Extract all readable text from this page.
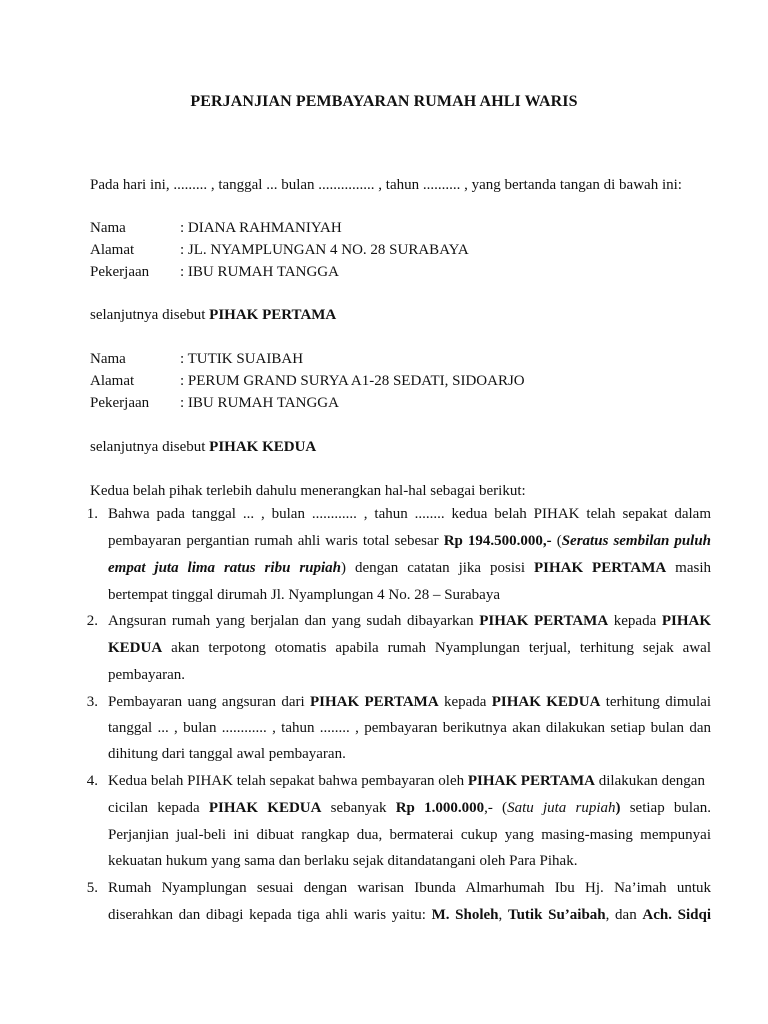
PERJANJIAN PEMBAYARAN RUMAH AHLI WARIS
Pada hari ini, ......... , tanggal ... bulan ............... , tahun .......... , yang bertanda tangan di bawah ini:
Nama	: DIANA RAHMANIYAH
Alamat	: JL. NYAMPLUNGAN 4 NO. 28 SURABAYA
Pekerjaan : IBU RUMAH TANGGA
selanjutnya disebut PIHAK PERTAMA
Nama	: TUTIK SUAIBAH
Alamat	: PERUM GRAND SURYA A1-28 SEDATI, SIDOARJO
Pekerjaan : IBU RUMAH TANGGA
selanjutnya disebut PIHAK KEDUA
Kedua belah pihak terlebih dahulu menerangkan hal-hal sebagai berikut:
1. Bahwa pada tanggal ... , bulan ............ , tahun ........ kedua belah PIHAK telah sepakat dalam
pembayaran pergantian rumah ahli waris total sebesar Rp 194.500.000,- (Seratus sembilan puluh
empat juta lima ratus ribu rupiah) dengan catatan jika posisi PIHAK PERTAMA masih
bertempat tinggal dirumah Jl. Nyamplungan 4 No. 28 – Surabaya
2. Angsuran rumah yang berjalan dan yang sudah dibayarkan PIHAK PERTAMA kepada PIHAK
KEDUA akan terpotong otomatis apabila rumah Nyamplungan terjual, terhitung sejak awal
pembayaran.
3. Pembayaran uang angsuran dari PIHAK PERTAMA kepada PIHAK KEDUA terhitung dimulai
tanggal ... , bulan ............ , tahun ........ , pembayaran berikutnya akan dilakukan setiap bulan dan
dihitung dari tanggal awal pembayaran.
4. Kedua belah PIHAK telah sepakat bahwa pembayaran oleh PIHAK PERTAMA dilakukan dengan
cicilan kepada PIHAK KEDUA sebanyak Rp 1.000.000,- (Satu juta rupiah) setiap bulan.
Perjanjian jual-beli ini dibuat rangkap dua, bermaterai cukup yang masing-masing mempunyai
kekuatan hukum yang sama dan berlaku sejak ditandatangani oleh Para Pihak.
5. Rumah Nyamplungan sesuai dengan warisan Ibunda Almarhumah Ibu Hj. Na’imah untuk
diserahkan dan dibagi kepada tiga ahli waris yaitu: M. Sholeh, Tutik Su’aibah, dan Ach. Sidqi
